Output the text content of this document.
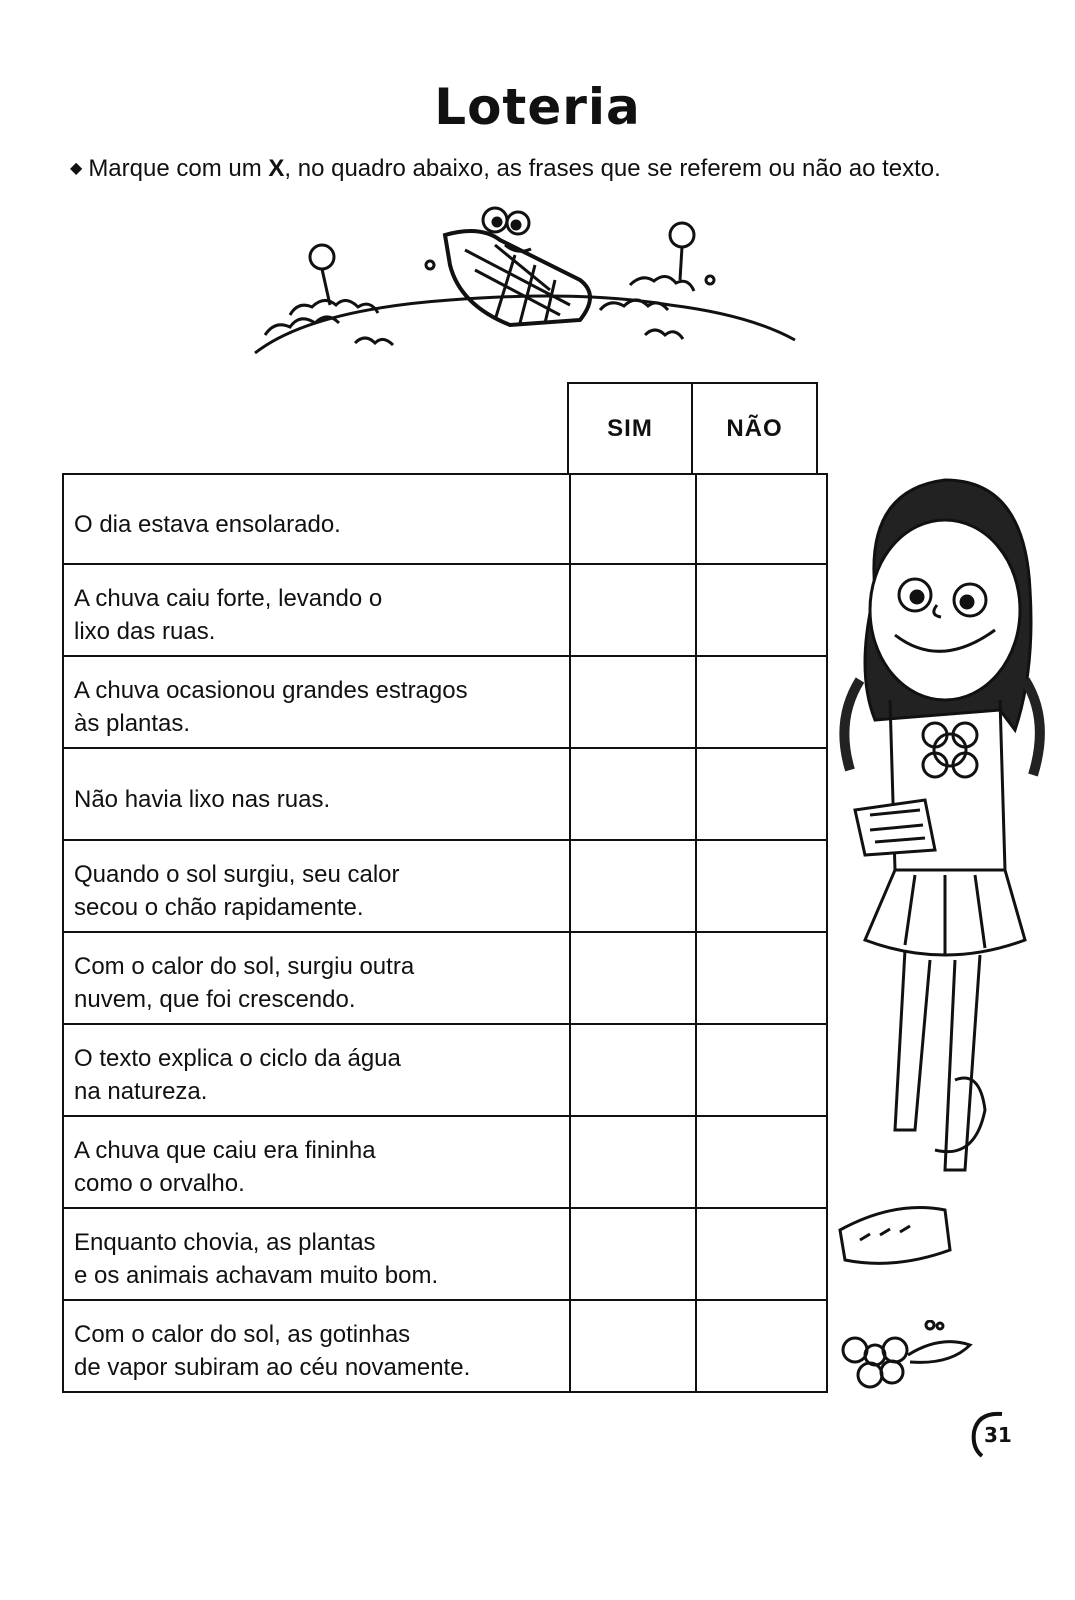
Loteria
◆ Marque com um X, no quadro abaixo, as frases que se referem ou não ao texto.
SIM	NÃO
O dia estava ensolarado.
A chuva caiu forte, levando o
lixo das ruas.
A chuva ocasionou grandes estragos
às plantas.
Não havia lixo nas ruas.
Quando o sol surgiu, seu calor
secou o chão rapidamente.
Com o calor do sol, surgiu outra
nuvem, que foi crescendo.
O texto explica o ciclo da água
na natureza.
A chuva que caiu era fininha
como o orvalho.
Enquanto chovia, as plantas
e os animais achavam muito bom.
Com o calor do sol, as gotinhas
de vapor subiram ao céu novamente.
31
